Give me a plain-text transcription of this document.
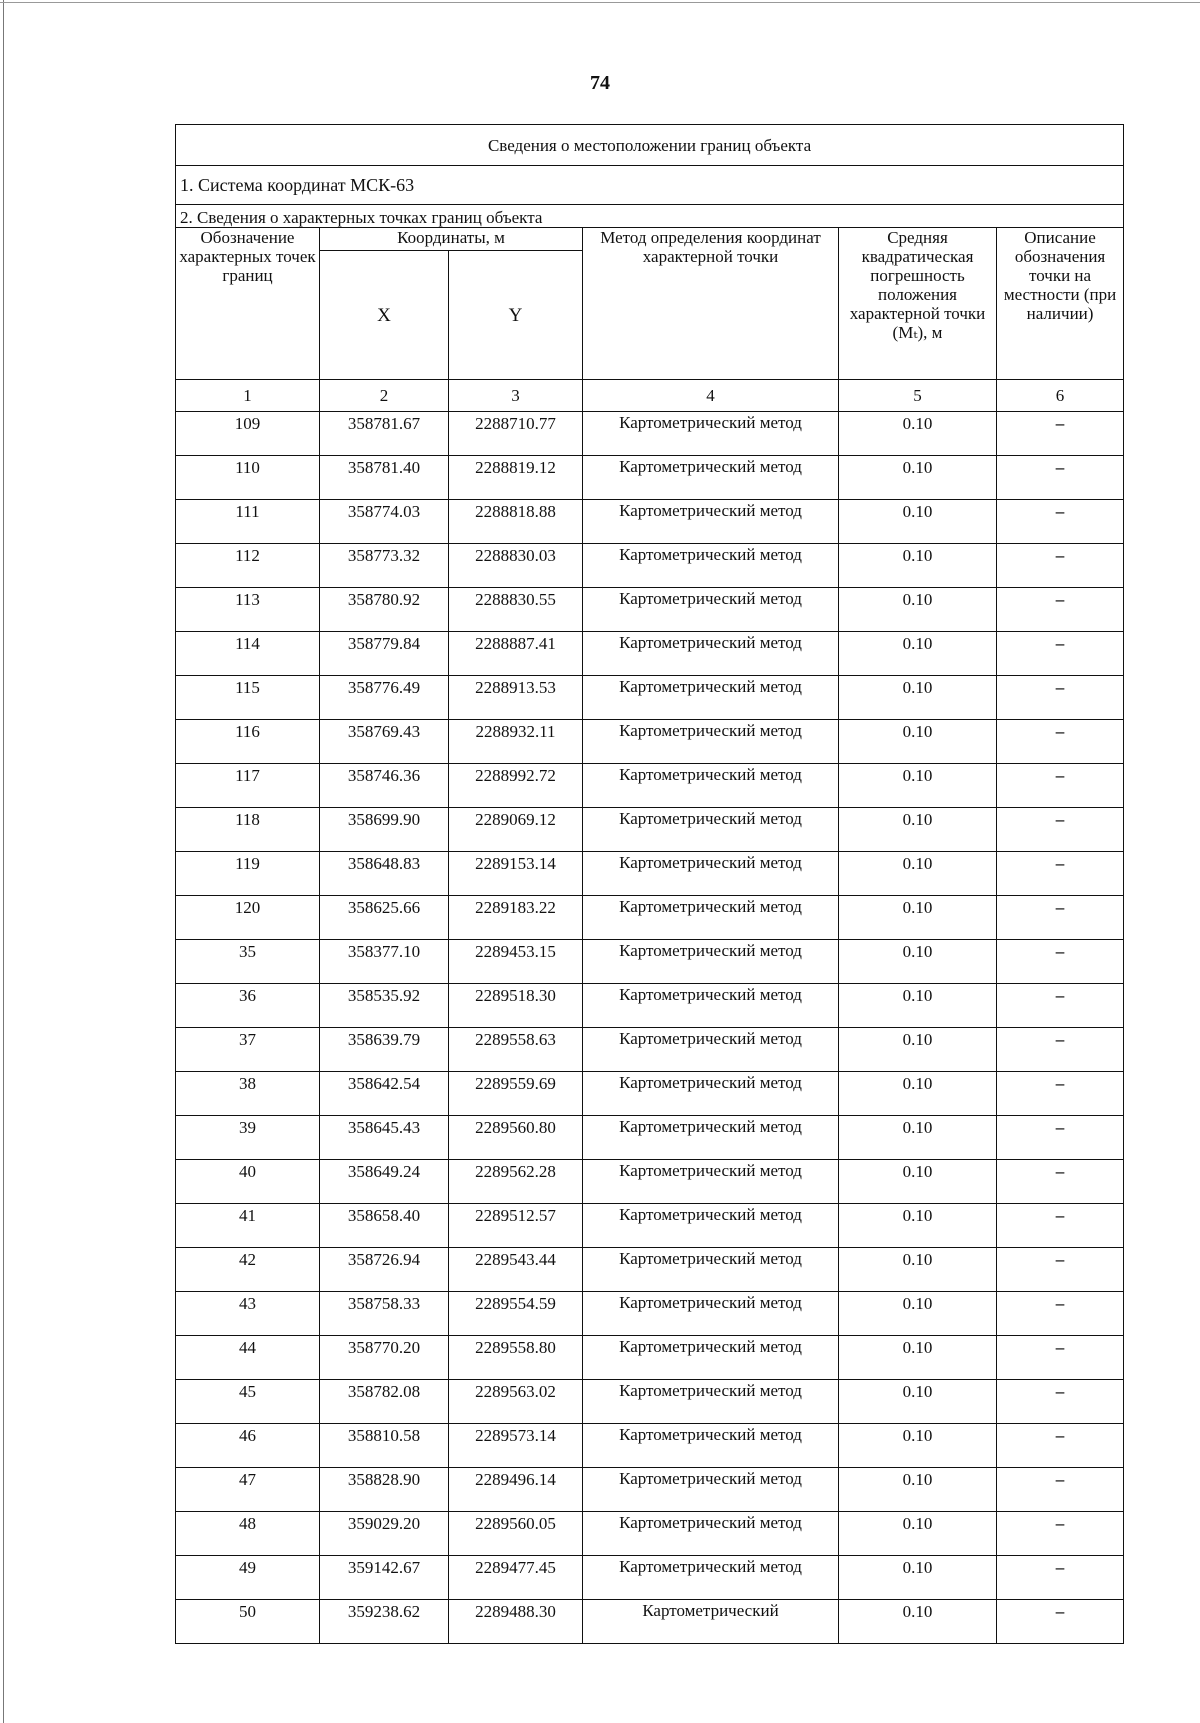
74
Сведения о местоположении границ объекта					
1. Система координат МСК-63					
2. Сведения о характерных точках границ объекта					
Обозначение характерных точек границ	Координаты, м		Метод определения координат характерной точки	Средняя квадратическая погрешность положения характерной точки (Mₜ), м	Описание обозначения точки на местности (при наличии)
	X	Y			
1	2	3	4	5	6
109	358781.67	2288710.77	Картометрический метод	0.10	–
110	358781.40	2288819.12	Картометрический метод	0.10	–
111	358774.03	2288818.88	Картометрический метод	0.10	–
112	358773.32	2288830.03	Картометрический метод	0.10	–
113	358780.92	2288830.55	Картометрический метод	0.10	–
114	358779.84	2288887.41	Картометрический метод	0.10	–
115	358776.49	2288913.53	Картометрический метод	0.10	–
116	358769.43	2288932.11	Картометрический метод	0.10	–
117	358746.36	2288992.72	Картометрический метод	0.10	–
118	358699.90	2289069.12	Картометрический метод	0.10	–
119	358648.83	2289153.14	Картометрический метод	0.10	–
120	358625.66	2289183.22	Картометрический метод	0.10	–
35	358377.10	2289453.15	Картометрический метод	0.10	–
36	358535.92	2289518.30	Картометрический метод	0.10	–
37	358639.79	2289558.63	Картометрический метод	0.10	–
38	358642.54	2289559.69	Картометрический метод	0.10	–
39	358645.43	2289560.80	Картометрический метод	0.10	–
40	358649.24	2289562.28	Картометрический метод	0.10	–
41	358658.40	2289512.57	Картометрический метод	0.10	–
42	358726.94	2289543.44	Картометрический метод	0.10	–
43	358758.33	2289554.59	Картометрический метод	0.10	–
44	358770.20	2289558.80	Картометрический метод	0.10	–
45	358782.08	2289563.02	Картометрический метод	0.10	–
46	358810.58	2289573.14	Картометрический метод	0.10	–
47	358828.90	2289496.14	Картометрический метод	0.10	–
48	359029.20	2289560.05	Картометрический метод	0.10	–
49	359142.67	2289477.45	Картометрический метод	0.10	–
50	359238.62	2289488.30	Картометрический	0.10	–
